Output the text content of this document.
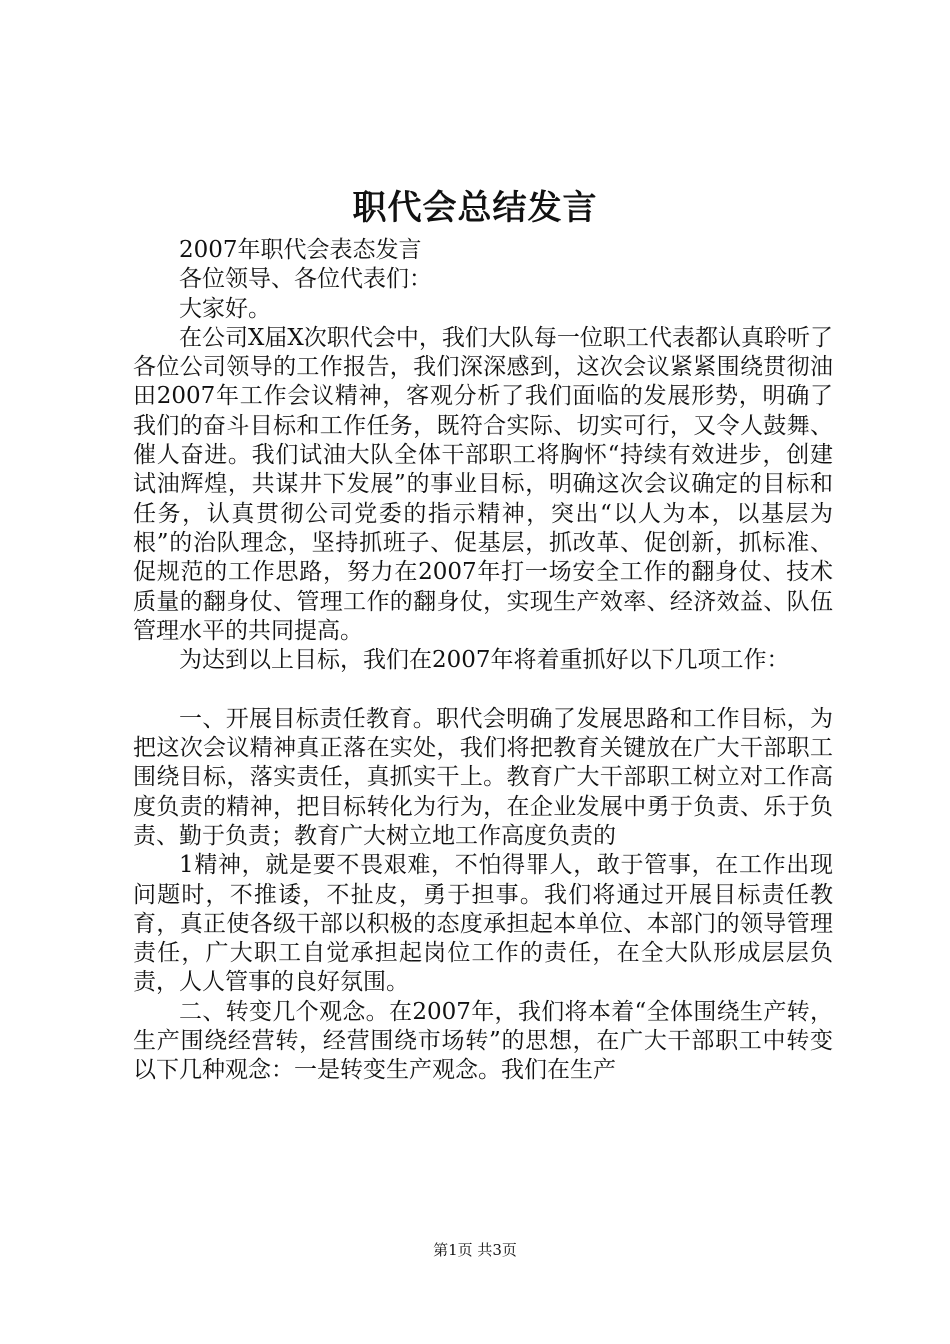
职代会总结发言

2007年职代会表态发言

各位领导、各位代表们：

大家好。

在公司X届X次职代会中，我们大队每一位职工代表都认真聆听了各位公司领导的工作报告，我们深深感到，这次会议紧紧围绕贯彻油田2007年工作会议精神，客观分析了我们面临的发展形势，明确了我们的奋斗目标和工作任务，既符合实际、切实可行，又令人鼓舞、催人奋进。我们试油大队全体干部职工将胸怀“持续有效进步，创建试油辉煌，共谋井下发展”的事业目标，明确这次会议确定的目标和任务，认真贯彻公司党委的指示精神，突出“以人为本，以基层为根”的治队理念，坚持抓班子、促基层，抓改革、促创新，抓标准、促规范的工作思路，努力在2007年打一场安全工作的翻身仗、技术质量的翻身仗、管理工作的翻身仗，实现生产效率、经济效益、队伍管理水平的共同提高。

为达到以上目标，我们在2007年将着重抓好以下几项工作：

一、开展目标责任教育。职代会明确了发展思路和工作目标，为把这次会议精神真正落在实处，我们将把教育关键放在广大干部职工围绕目标，落实责任，真抓实干上。教育广大干部职工树立对工作高度负责的精神，把目标转化为行为，在企业发展中勇于负责、乐于负责、勤于负责；教育广大树立地工作高度负责的

1精神，就是要不畏艰难，不怕得罪人，敢于管事，在工作出现问题时，不推诿，不扯皮，勇于担事。我们将通过开展目标责任教育，真正使各级干部以积极的态度承担起本单位、本部门的领导管理责任，广大职工自觉承担起岗位工作的责任，在全大队形成层层负责，人人管事的良好氛围。

二、转变几个观念。在2007年，我们将本着“全体围绕生产转，生产围绕经营转，经营围绕市场转”的思想，在广大干部职工中转变以下几种观念：一是转变生产观念。我们在生产

第1页 共3页
